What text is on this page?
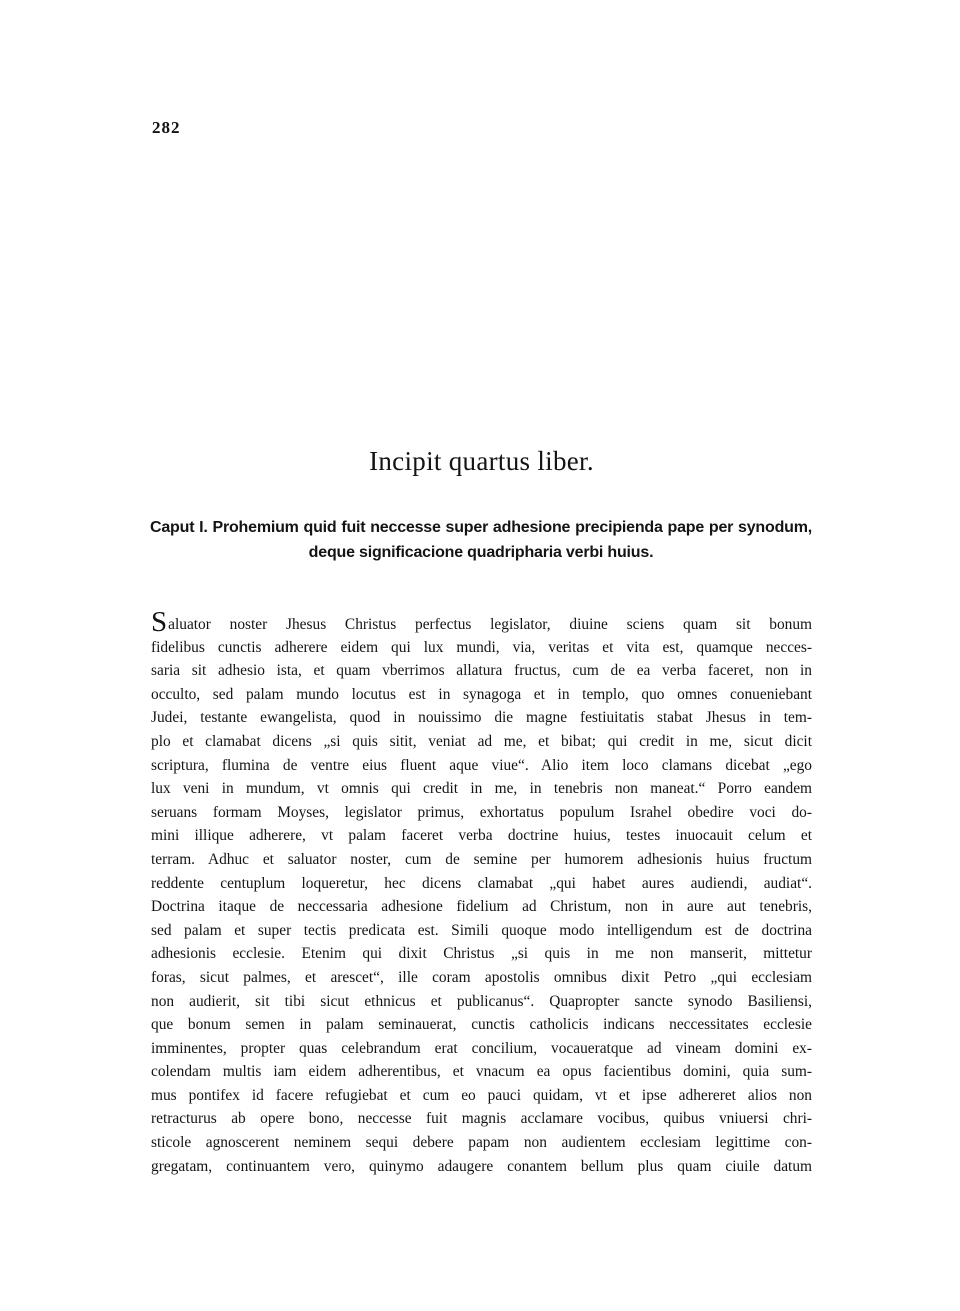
282
Incipit quartus liber.
Caput I. Prohemium quid fuit neccesse super adhesione precipienda pape per synodum,
deque significacione quadripharia verbi huius.
Saluator noster Jhesus Christus perfectus legislator, diuine sciens quam sit bonum
fidelibus cunctis adherere eidem qui lux mundi, via, veritas et vita est, quamque necces-
saria sit adhesio ista, et quam vberrimos allatura fructus, cum de ea verba faceret, non in
occulto, sed palam mundo locutus est in synagoga et in templo, quo omnes conueniebant
Judei, testante ewangelista, quod in nouissimo die magne festiuitatis stabat Jhesus in tem-
plo et clamabat dicens „si quis sitit, veniat ad me, et bibat; qui credit in me, sicut dicit
scriptura, flumina de ventre eius fluent aque viue“. Alio item loco clamans dicebat „ego
lux veni in mundum, vt omnis qui credit in me, in tenebris non maneat.“ Porro eandem
seruans formam Moyses, legislator primus, exhortatus populum Israhel obedire voci do-
mini illique adherere, vt palam faceret verba doctrine huius, testes inuocauit celum et
terram. Adhuc et saluator noster, cum de semine per humorem adhesionis huius fructum
reddente centuplum loqueretur, hec dicens clamabat „qui habet aures audiendi, audiat“.
Doctrina itaque de neccessaria adhesione fidelium ad Christum, non in aure aut tenebris,
sed palam et super tectis predicata est. Simili quoque modo intelligendum est de doctrina
adhesionis ecclesie. Etenim qui dixit Christus „si quis in me non manserit, mittetur
foras, sicut palmes, et arescet“, ille coram apostolis omnibus dixit Petro „qui ecclesiam
non audierit, sit tibi sicut ethnicus et publicanus“. Quapropter sancte synodo Basiliensi,
que bonum semen in palam seminauerat, cunctis catholicis indicans neccessitates ecclesie
imminentes, propter quas celebrandum erat concilium, vocaueratque ad vineam domini ex-
colendam multis iam eidem adherentibus, et vnacum ea opus facientibus domini, quia sum-
mus pontifex id facere refugiebat et cum eo pauci quidam, vt et ipse adhereret alios non
retracturus ab opere bono, neccesse fuit magnis acclamare vocibus, quibus vniuersi chri-
sticole agnoscerent neminem sequi debere papam non audientem ecclesiam legittime con-
gregatam, continuantem vero, quinymo adaugere conantem bellum plus quam ciuile datum
